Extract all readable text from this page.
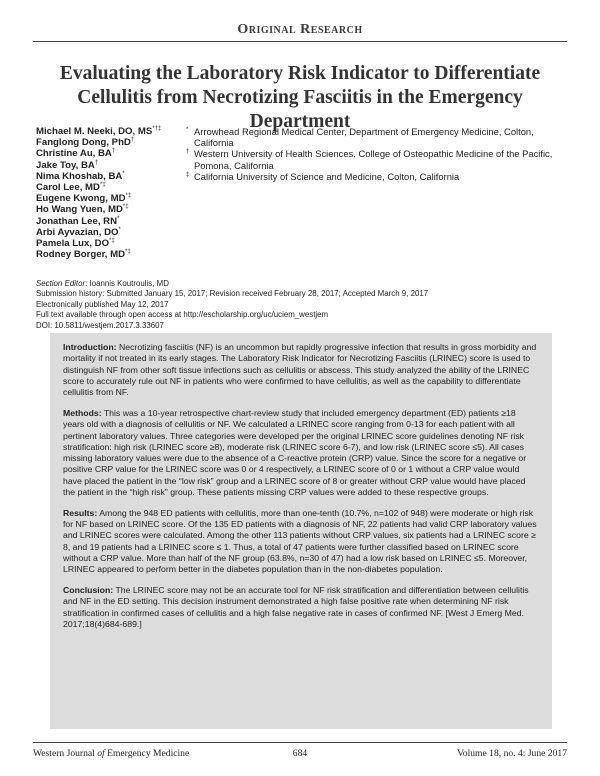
Original Research
Evaluating the Laboratory Risk Indicator to Differentiate Cellulitis from Necrotizing Fasciitis in the Emergency Department
Michael M. Neeki, DO, MS*†‡
Fanglong Dong, PhD†
Christine Au, BA†
Jake Toy, BA†
Nima Khoshab, BA*
Carol Lee, MD*‡
Eugene Kwong, MD*‡
Ho Wang Yuen, MD*‡
Jonathan Lee, RN*
Arbi Ayvazian, DO*
Pamela Lux, DO*‡
Rodney Borger, MD*‡
* Arrowhead Regional Medical Center, Department of Emergency Medicine, Colton, California
† Western University of Health Sciences, College of Osteopathic Medicine of the Pacific, Pomona, California
‡ California University of Science and Medicine, Colton, California
Section Editor: Ioannis Koutroulis, MD
Submission history: Submitted January 15, 2017; Revision received February 28, 2017; Accepted March 9, 2017
Electronically published May 12, 2017
Full text available through open access at http://escholarship.org/uc/uciem_westjem
DOI: 10.5811/westjem.2017.3.33607

Introduction: Necrotizing fasciitis (NF) is an uncommon but rapidly progressive infection that results in gross morbidity and mortality if not treated in its early stages. The Laboratory Risk Indicator for Necrotizing Fasciitis (LRINEC) score is used to distinguish NF from other soft tissue infections such as cellulitis or abscess. This study analyzed the ability of the LRINEC score to accurately rule out NF in patients who were confirmed to have cellulitis, as well as the capability to differentiate cellulitis from NF.

Methods: This was a 10-year retrospective chart-review study that included emergency department (ED) patients ≥18 years old with a diagnosis of cellulitis or NF. We calculated a LRINEC score ranging from 0-13 for each patient with all pertinent laboratory values. Three categories were developed per the original LRINEC score guidelines denoting NF risk stratification: high risk (LRINEC score ≥8), moderate risk (LRINEC score 6-7), and low risk (LRINEC score ≤5). All cases missing laboratory values were due to the absence of a C-reactive protein (CRP) value. Since the score for a negative or positive CRP value for the LRINEC score was 0 or 4 respectively, a LRINEC score of 0 or 1 without a CRP value would have placed the patient in the “low risk” group and a LRINEC score of 8 or greater without CRP value would have placed the patient in the “high risk” group. These patients missing CRP values were added to these respective groups.

Results: Among the 948 ED patients with cellulitis, more than one-tenth (10.7%, n=102 of 948) were moderate or high risk for NF based on LRINEC score. Of the 135 ED patients with a diagnosis of NF, 22 patients had valid CRP laboratory values and LRINEC scores were calculated. Among the other 113 patients without CRP values, six patients had a LRINEC score ≥ 8, and 19 patients had a LRINEC score ≤ 1. Thus, a total of 47 patients were further classified based on LRINEC score without a CRP value. More than half of the NF group (63.8%, n=30 of 47) had a low risk based on LRINEC ≤5. Moreover, LRINEC appeared to perform better in the diabetes population than in the non-diabetes population.

Conclusion: The LRINEC score may not be an accurate tool for NF risk stratification and differentiation between cellulitis and NF in the ED setting. This decision instrument demonstrated a high false positive rate when determining NF risk stratification in confirmed cases of cellulitis and a high false negative rate in cases of confirmed NF. [West J Emerg Med. 2017;18(4)684-689.]

Western Journal of Emergency Medicine	684	Volume 18, no. 4: June 2017
